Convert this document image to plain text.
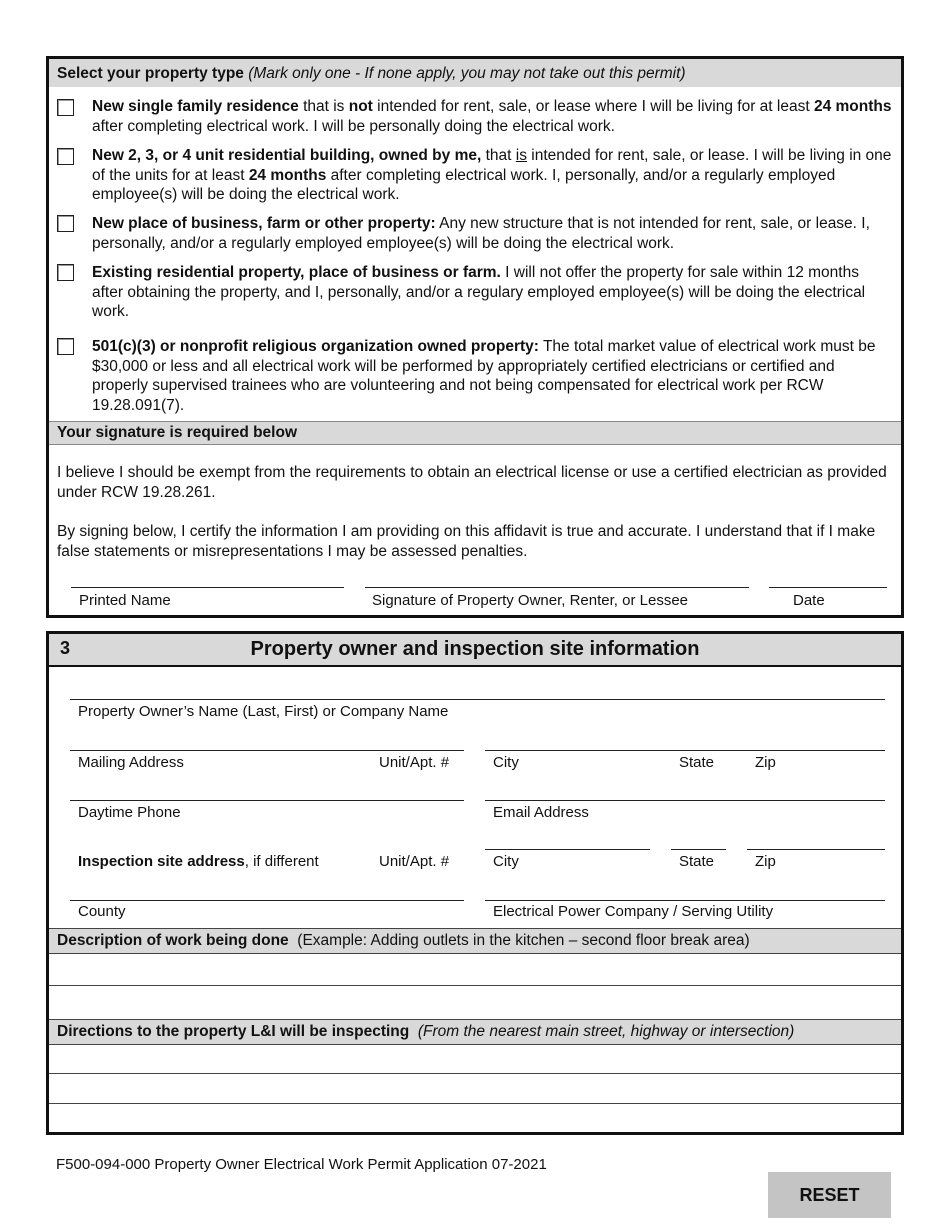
Select your property type (Mark only one - If none apply, you may not take out this permit)
New single family residence that is not intended for rent, sale, or lease where I will be living for at least 24 months after completing electrical work. I will be personally doing the electrical work.
New 2, 3, or 4 unit residential building, owned by me, that is intended for rent, sale, or lease. I will be living in one of the units for at least 24 months after completing electrical work. I, personally, and/or a regularly employed employee(s) will be doing the electrical work.
New place of business, farm or other property: Any new structure that is not intended for rent, sale, or lease. I, personally, and/or a regularly employed employee(s) will be doing the electrical work.
Existing residential property, place of business or farm. I will not offer the property for sale within 12 months after obtaining the property, and I, personally, and/or a regulary employed employee(s) will be doing the electrical work.
501(c)(3) or nonprofit religious organization owned property: The total market value of electrical work must be $30,000 or less and all electrical work will be performed by appropriately certified electricians or certified and properly supervised trainees who are volunteering and not being compensated for electrical work per RCW 19.28.091(7).
Your signature is required below
I believe I should be exempt from the requirements to obtain an electrical license or use a certified electrician as provided under RCW 19.28.261.
By signing below, I certify the information I am providing on this affidavit is true and accurate. I understand that if I make false statements or misrepresentations I may be assessed penalties.
Printed Name	Signature of Property Owner, Renter, or Lessee	Date
3	Property owner and inspection site information
Property Owner’s Name (Last, First) or Company Name
Mailing Address	Unit/Apt. #	City	State	Zip
Daytime Phone	Email Address
Inspection site address, if different	Unit/Apt. #	City	State	Zip
County	Electrical Power Company / Serving Utility
Description of work being done (Example: Adding outlets in the kitchen – second floor break area)
Directions to the property L&I will be inspecting (From the nearest main street, highway or intersection)
F500-094-000 Property Owner Electrical Work Permit Application 07-2021
RESET
